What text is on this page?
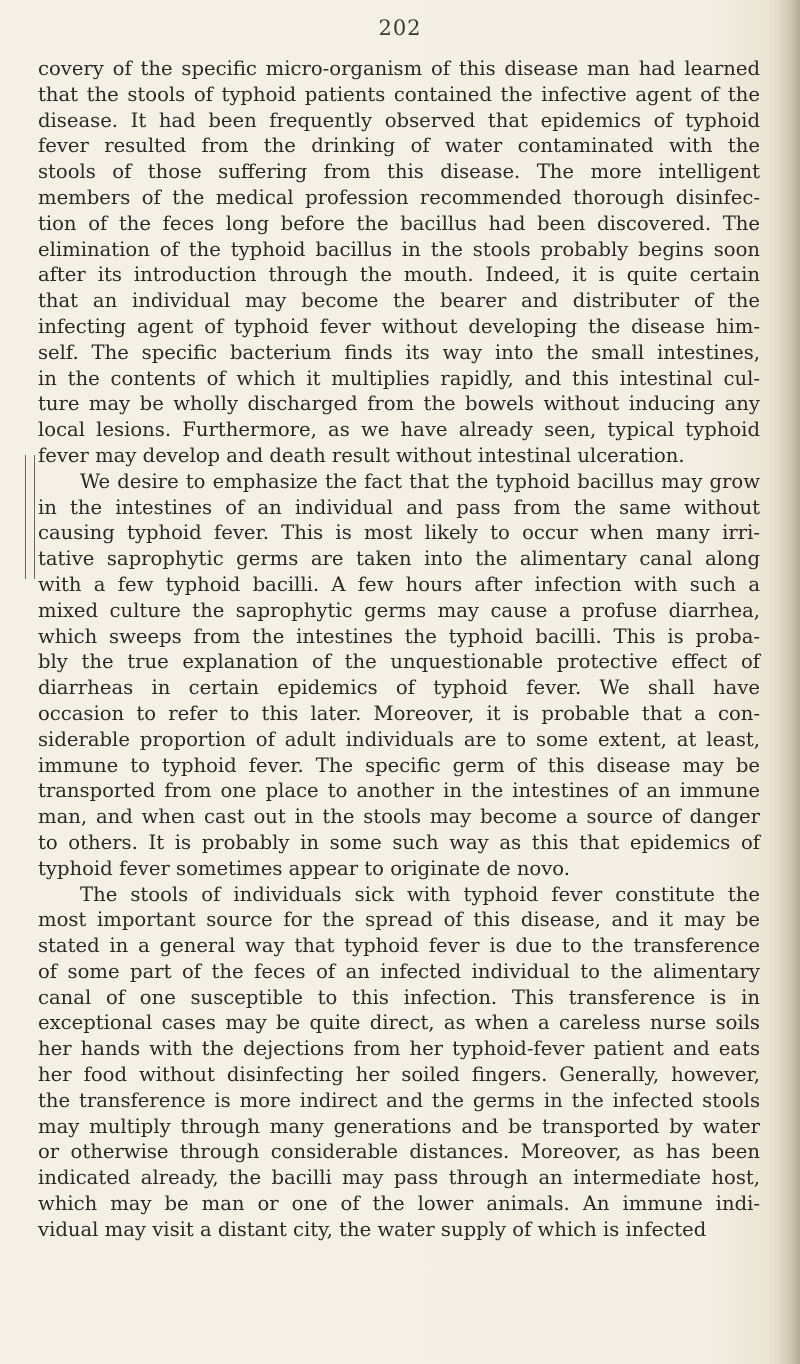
202
covery of the specific micro-organism of this disease man had learned
that the stools of typhoid patients contained the infective agent of the
disease. It had been frequently observed that epidemics of typhoid
fever resulted from the drinking of water contaminated with the
stools of those suffering from this disease. The more intelligent
members of the medical profession recommended thorough disinfec-
tion of the feces long before the bacillus had been discovered. The
elimination of the typhoid bacillus in the stools probably begins soon
after its introduction through the mouth. Indeed, it is quite certain
that an individual may become the bearer and distributer of the
infecting agent of typhoid fever without developing the disease him-
self. The specific bacterium finds its way into the small intestines,
in the contents of which it multiplies rapidly, and this intestinal cul-
ture may be wholly discharged from the bowels without inducing any
local lesions. Furthermore, as we have already seen, typical typhoid
fever may develop and death result without intestinal ulceration.
We desire to emphasize the fact that the typhoid bacillus may grow
in the intestines of an individual and pass from the same without
causing typhoid fever. This is most likely to occur when many irri-
tative saprophytic germs are taken into the alimentary canal along
with a few typhoid bacilli. A few hours after infection with such a
mixed culture the saprophytic germs may cause a profuse diarrhea,
which sweeps from the intestines the typhoid bacilli. This is proba-
bly the true explanation of the unquestionable protective effect of
diarrheas in certain epidemics of typhoid fever. We shall have
occasion to refer to this later. Moreover, it is probable that a con-
siderable proportion of adult individuals are to some extent, at least,
immune to typhoid fever. The specific germ of this disease may be
transported from one place to another in the intestines of an immune
man, and when cast out in the stools may become a source of danger
to others. It is probably in some such way as this that epidemics of
typhoid fever sometimes appear to originate de novo.
The stools of individuals sick with typhoid fever constitute the
most important source for the spread of this disease, and it may be
stated in a general way that typhoid fever is due to the transference
of some part of the feces of an infected individual to the alimentary
canal of one susceptible to this infection. This transference is in
exceptional cases may be quite direct, as when a careless nurse soils
her hands with the dejections from her typhoid-fever patient and eats
her food without disinfecting her soiled fingers. Generally, however,
the transference is more indirect and the germs in the infected stools
may multiply through many generations and be transported by water
or otherwise through considerable distances. Moreover, as has been
indicated already, the bacilli may pass through an intermediate host,
which may be man or one of the lower animals. An immune indi-
vidual may visit a distant city, the water supply of which is infected
